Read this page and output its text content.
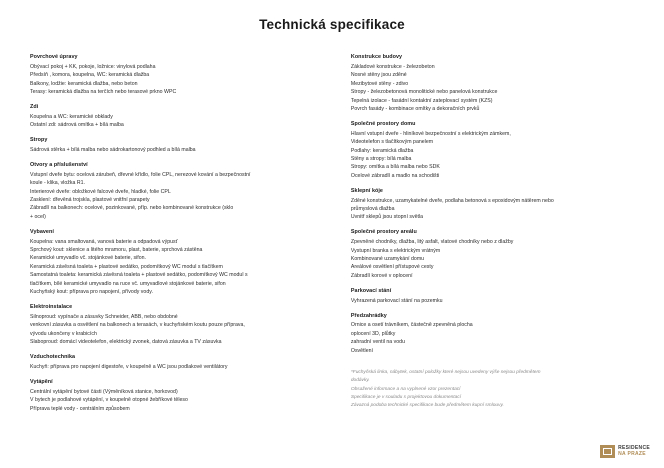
Technická specifikace
Povrchové úpravy
Obývací pokoj + KK, pokoje, ložnice: vinylová podlaha
Předsíň , komora, koupelna, WC: keramická dlažba
Balkony, lodžie: keramická dlažba, nebo beton
Terasy: keramická dlažba na terčích nebo terasové prkno WPC
Zdi
Koupelna a WC: keramické obklady
Ostatní zdi: sádrová omítka + bílá malba
Stropy
Sádrová stěrka + bílá malba nebo sádrokartonový podhled a bílá malba
Otvory a příslušenství
Vstupní dveře bytu: ocelová zárubeň, dřevné křídlo, folie CPL, nerezové kování a bezpečnostní
koule - klika, vložka R1.
Interierové dveře: obložkové falcové dveře, hladké, folie CPL
Zasklení: dřevěná trojskla, plastové vnitřní parapety
Zábradlí na balkonech: ocelové, pozinkované, příp. nebo kombinované konstrukce (sklo
+ ocel)
Vybavení
Koupelna: vana smaltovaná, vanová baterie a odpadová výpusť
Sprchový kout: sklenice a litého mramoru, plast, baterie, sprchová zástěna
Keramické umyvadlo vč. stojánkové baterie, sifon.
Keramická závěsná toaleta + plastové sedátko, podomítkový WC modul s tlačítkem
Samostatná toaleta: keramická závěsná toaleta + plastové sedátko, podomítkový WC modul s
tlačítkem, bílé keramické umyvadlo na ruce vč. umyvadlové stojánkové baterie, sifon
Kuchyňský kout: příprava pro napojení, přívody vody.
Elektroinstalace
Silnoproud: vypínače a zásuvky Schneider, ABB, nebo obdobné
venkovní zásuvka a osvětlení na balkonech a terasách, v kuchyňském koutu pouze příprava,
vývodu ukončeny v krabicích
Slaboproud: domácí videotelefon, elektrický zvonek, datová zásuvka a TV zásuvka
Vzduchotechnika
Kuchyň: příprava pro napojení digestoře, v koupelně a WC jsou podlakové ventilátory
Vytápění
Centrální vytápění bytové části (Výměníková stanice, horkovod)
V bytech je podlahové vytápění, v koupelně otopné žebříkové těleso
Příprava teplé vody - centrálním způsobem
Konstrukce budovy
Základové konstrukce - železobeton
Nosné stěny jsou zděné
Mezibytové stěny - zdivo
Stropy - železobetonová monolitické nebo panelová konstrukce
Tepelná izolace - fasádní kontaktní zateplovací systém (KZS)
Povrch fasády - kombinace omítky a dekoračních prvků
Společné prostory domu
Hlavní vstupní dveře - hliníkové bezpečnostní s elektrickým zámkem,
Videotelefon s tlačítkovým panelem
Podlahy: keramická dlažba
Stěny a stropy: bílá malba
Stropy: omítka a bílá malba nebo SDK
Ocelové zábradlí a madlo na schodišti
Sklepní kóje
Zděné konstrukce, uzamykatelné dveře, podlaha betonová s epoxidovým nátěrem nebo
průmyslová dlažba
Uvnitř sklepů jsou stopní světla
Společné prostory areálu
Zpevněné chodníky, dlažba, litý asfalt, vlatové chodníky nebo z dlažby
Vystupní branka s elektrickým vrátným
Kombinované uzamykání domu
Areálové osvětlení přístupové cesty
Zábradlí korové v oplocení
Parkovací stání
Vyhrazená parkovací stání na pozemku
Předzahrádky
Ornice a osetí trávníkem, částečně zpevněná plocha
oplocení 3D, plůtky
zahradní ventil na vodu
Osvětlení
*Fuchyňská linka, nábytek, ostatní položky které nejsou uvedeny výše nejsou předmětem
dodávky.
Obsažené informace a na vyplnené vzor prezentací
Specifikace je v souladu s projektovou dokumentací
Závazná podoba technické specifikace bude předmětem kupní smlouvy.
RESIDENCE
NA PRAZE
